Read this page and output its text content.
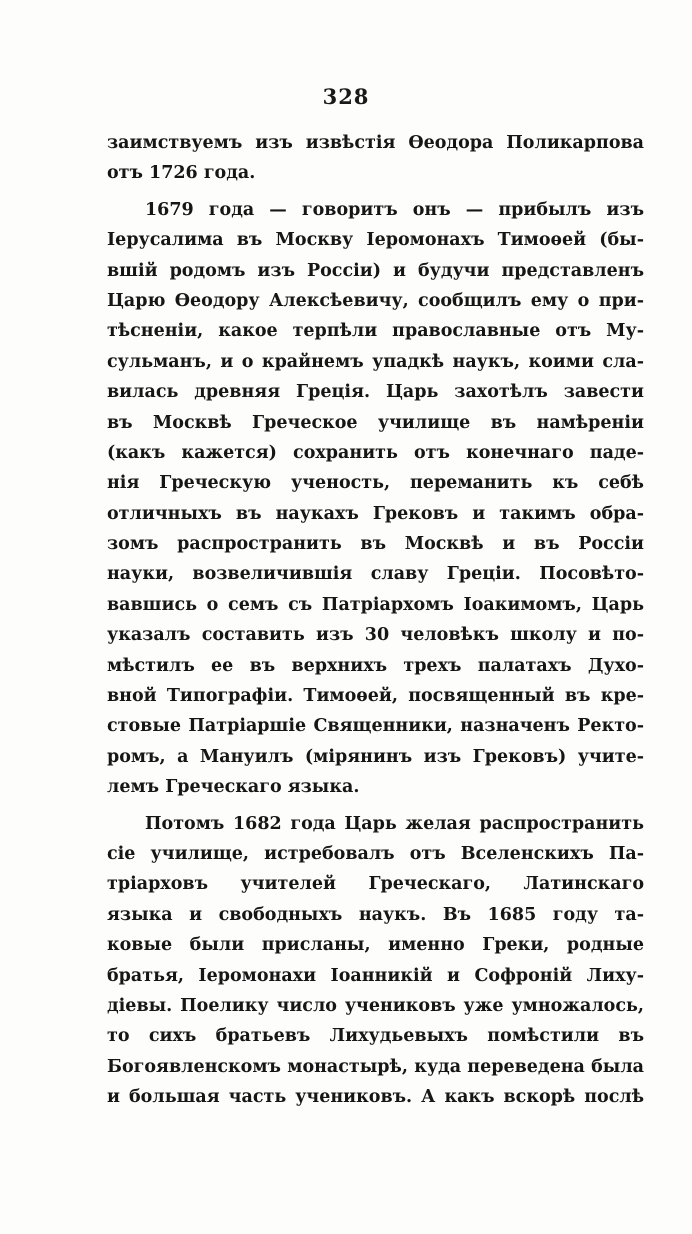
328
заимствуемъ изъ извѣстія Ѳеодора Поликарпова
отъ 1726 года.
1679 года — говоритъ онъ — прибылъ изъ
Іерусалима въ Москву Іеромонахъ Тимоѳей (бы-
вшій родомъ изъ Россіи) и будучи представленъ
Царю Ѳеодору Алексѣевичу, сообщилъ ему о при-
тѣсненіи, какое терпѣли православные отъ Му-
сульманъ, и о крайнемъ упадкѣ наукъ, коими сла-
вилась древняя Греція. Царь захотѣлъ завести
въ Москвѣ Греческое училище въ намѣреніи
(какъ кажется) сохранить отъ конечнаго паде-
нія Греческую ученость, переманить къ себѣ
отличныхъ въ наукахъ Грековъ и такимъ обра-
зомъ распространить въ Москвѣ и въ Россіи
науки, возвеличившія славу Греціи. Посовѣто-
вавшись о семъ съ Патріархомъ Іоакимомъ, Царь
указалъ составить изъ 30 человѣкъ школу и по-
мѣстилъ ее въ верхнихъ трехъ палатахъ Духо-
вной Типографіи. Тимоѳей, посвященный въ кре-
стовые Патріаршіе Священники, назначенъ Ректо-
ромъ, а Мануилъ (мірянинъ изъ Грековъ) учите-
лемъ Греческаго языка.
Потомъ 1682 года Царь желая распространить
сіе училище, истребовалъ отъ Вселенскихъ Па-
тріарховъ учителей Греческаго, Латинскаго
языка и свободныхъ наукъ. Въ 1685 году та-
ковые были присланы, именно Греки, родные
братья, Іеромонахи Іоанникій и Софроній Лиху-
діевы. Поелику число учениковъ уже умножалось,
то сихъ братьевъ Лихудьевыхъ помѣстили въ
Богоявленскомъ монастырѣ, куда переведена была
и большая часть учениковъ. А какъ вскорѣ послѣ
